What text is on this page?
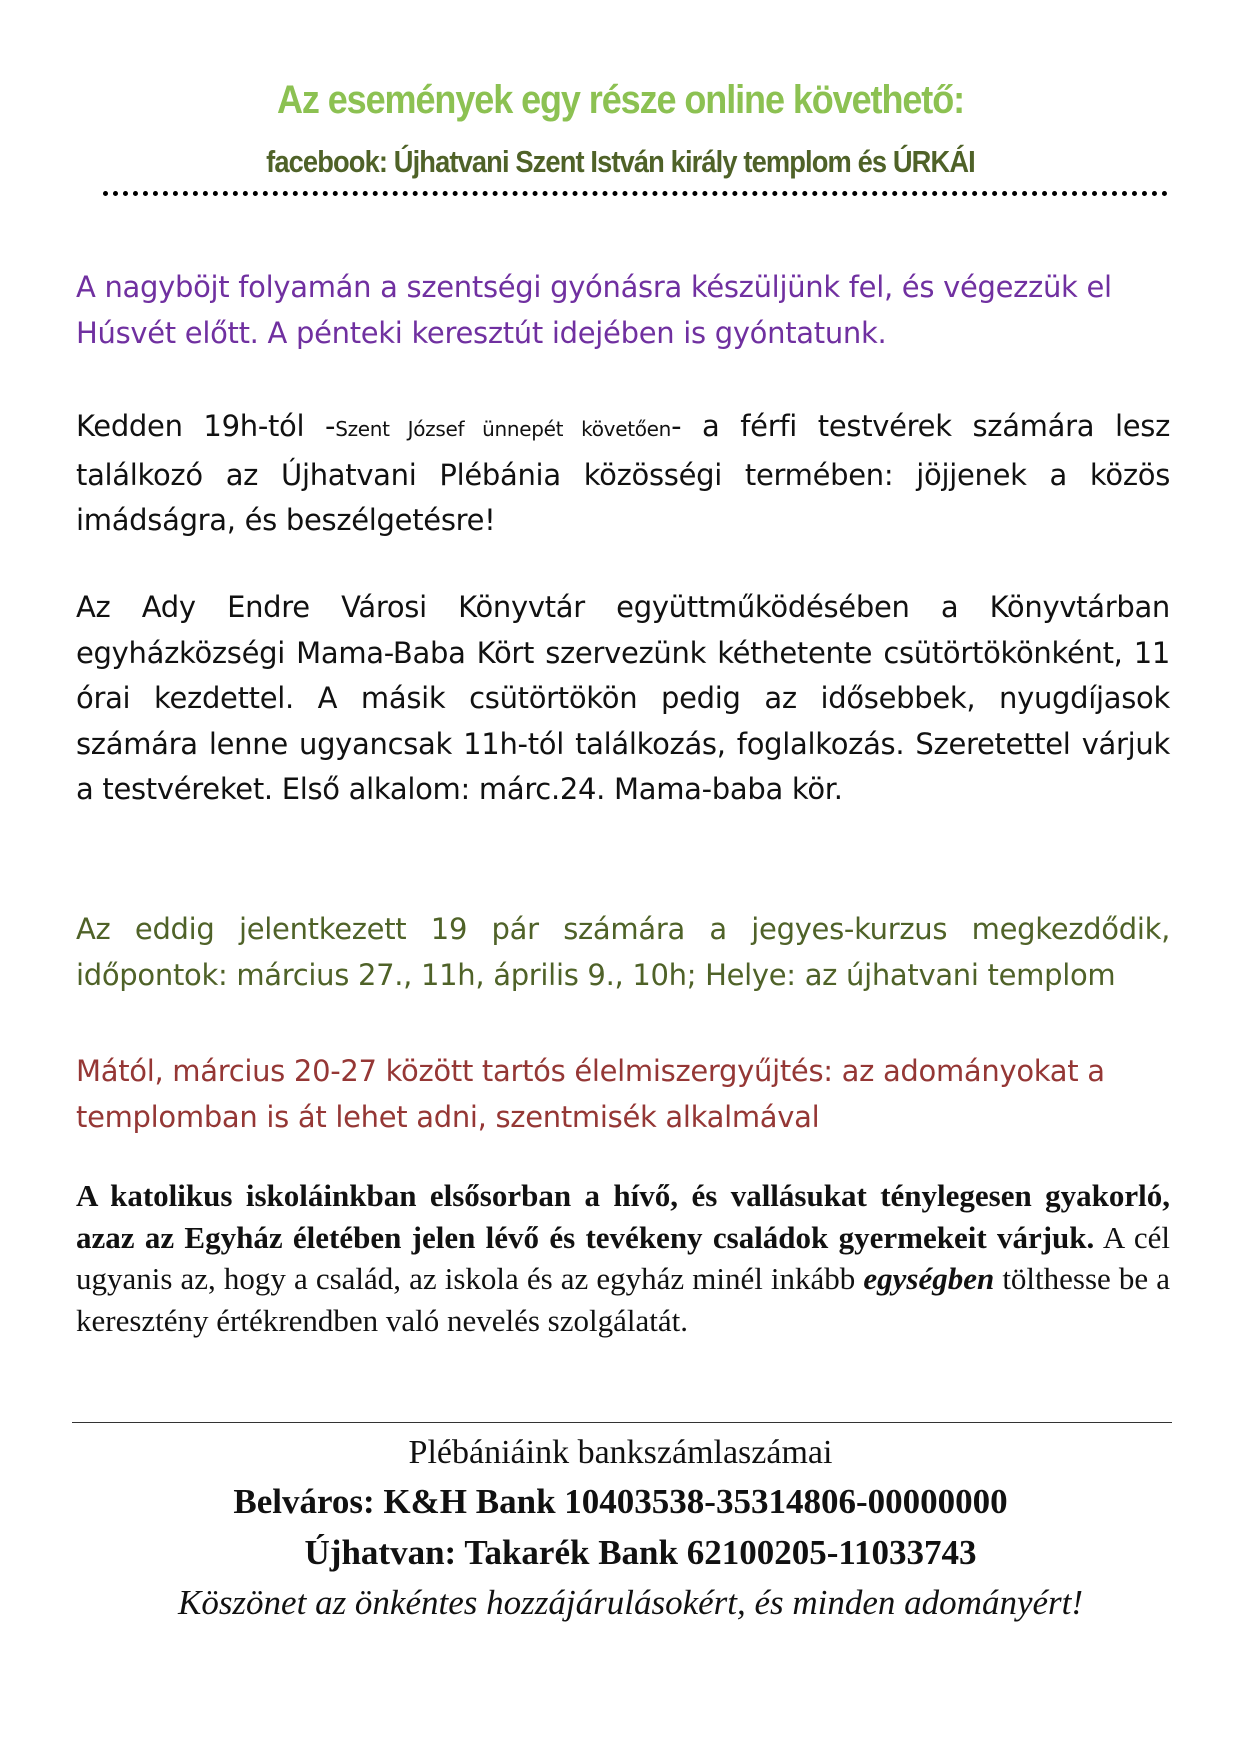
Az események egy része online követhető:
facebook: Újhatvani Szent István király templom és ÚRKÁI
A nagyböjt folyamán a szentségi gyónásra készüljünk fel, és végezzük el Húsvét előtt. A pénteki keresztút idejében is gyóntatunk.
Kedden 19h-tól -Szent József ünnepét követően- a férfi testvérek számára lesz találkozó az Újhatvani Plébánia közösségi termében: jöjjenek a közös imádságra, és beszélgetésre!
Az Ady Endre Városi Könyvtár együttműködésében a Könyvtárban egyházközségi Mama-Baba Kört szervezünk kéthetente csütörtökönként, 11 órai kezdettel. A másik csütörtökön pedig az idősebbek, nyugdíjasok számára lenne ugyancsak 11h-tól találkozás, foglalkozás. Szeretettel várjuk a testvéreket. Első alkalom: márc.24. Mama-baba kör.
Az eddig jelentkezett 19 pár számára a jegyes-kurzus megkezdődik, időpontok: március 27., 11h, április 9., 10h; Helye: az újhatvani templom
Mától, március 20-27 között tartós élelmiszergyűjtés: az adományokat a templomban is át lehet adni, szentmisék alkalmával
A katolikus iskoláinkban elsősorban a hívő, és vallásukat ténylegesen gyakorló, azaz az Egyház életében jelen lévő és tevékeny családok gyermekeit várjuk. A cél ugyanis az, hogy a család, az iskola és az egyház minél inkább egységben tölthesse be a keresztény értékrendben való nevelés szolgálatát.
Plébániáink bankszámlaszámai
Belváros: K&H Bank 10403538-35314806-00000000
Újhatvan: Takarék Bank 62100205-11033743
Köszönet az önkéntes hozzájárulásokért, és minden adományért!
